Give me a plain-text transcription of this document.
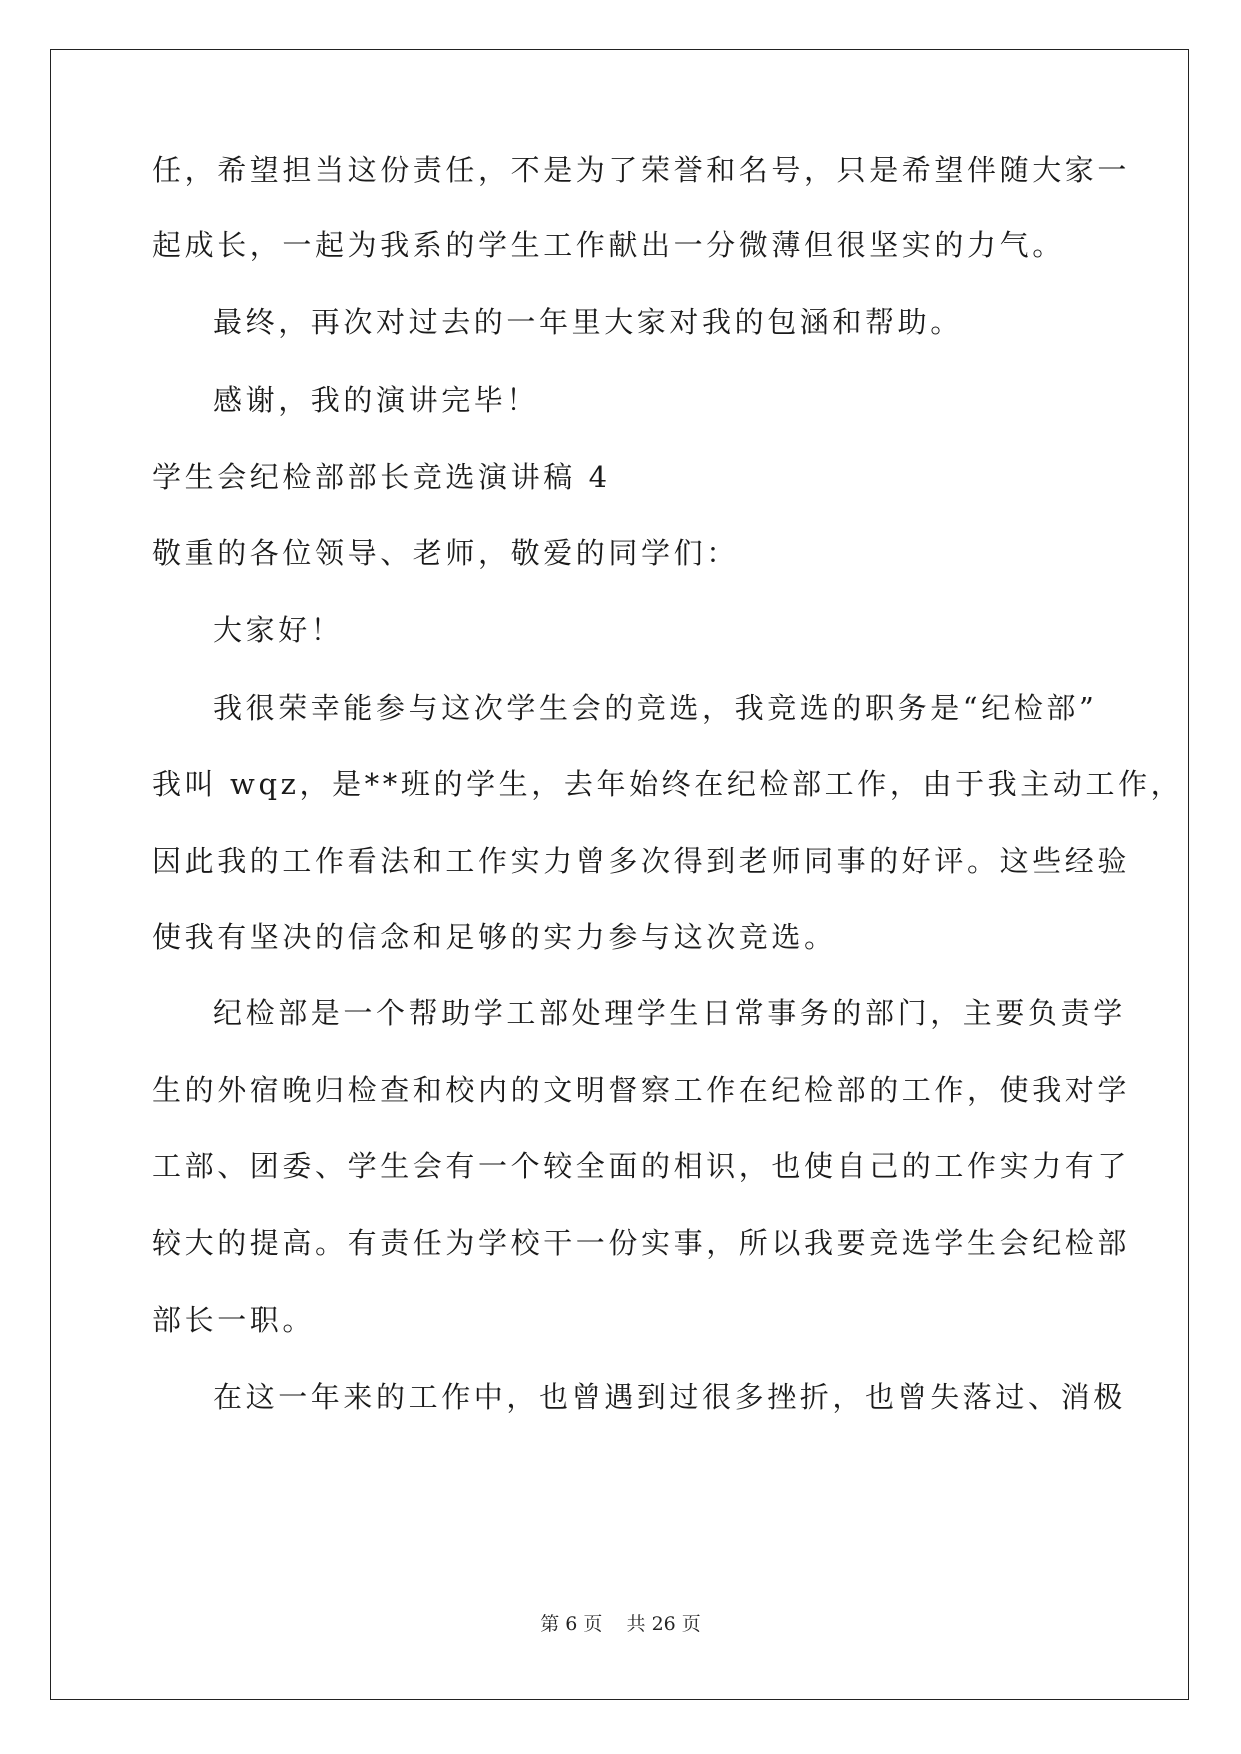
任，希望担当这份责任，不是为了荣誉和名号，只是希望伴随大家一
起成长，一起为我系的学生工作献出一分微薄但很坚实的力气。
最终，再次对过去的一年里大家对我的包涵和帮助。
感谢，我的演讲完毕！
学生会纪检部部长竞选演讲稿 4
敬重的各位领导、老师，敬爱的同学们：
大家好！
我很荣幸能参与这次学生会的竞选，我竞选的职务是“纪检部”
我叫 wqz，是**班的学生，去年始终在纪检部工作，由于我主动工作，
因此我的工作看法和工作实力曾多次得到老师同事的好评。这些经验
使我有坚决的信念和足够的实力参与这次竞选。
纪检部是一个帮助学工部处理学生日常事务的部门，主要负责学
生的外宿晚归检查和校内的文明督察工作在纪检部的工作，使我对学
工部、团委、学生会有一个较全面的相识，也使自己的工作实力有了
较大的提高。有责任为学校干一份实事，所以我要竞选学生会纪检部
部长一职。
在这一年来的工作中，也曾遇到过很多挫折，也曾失落过、消极
第 6 页    共 26 页
